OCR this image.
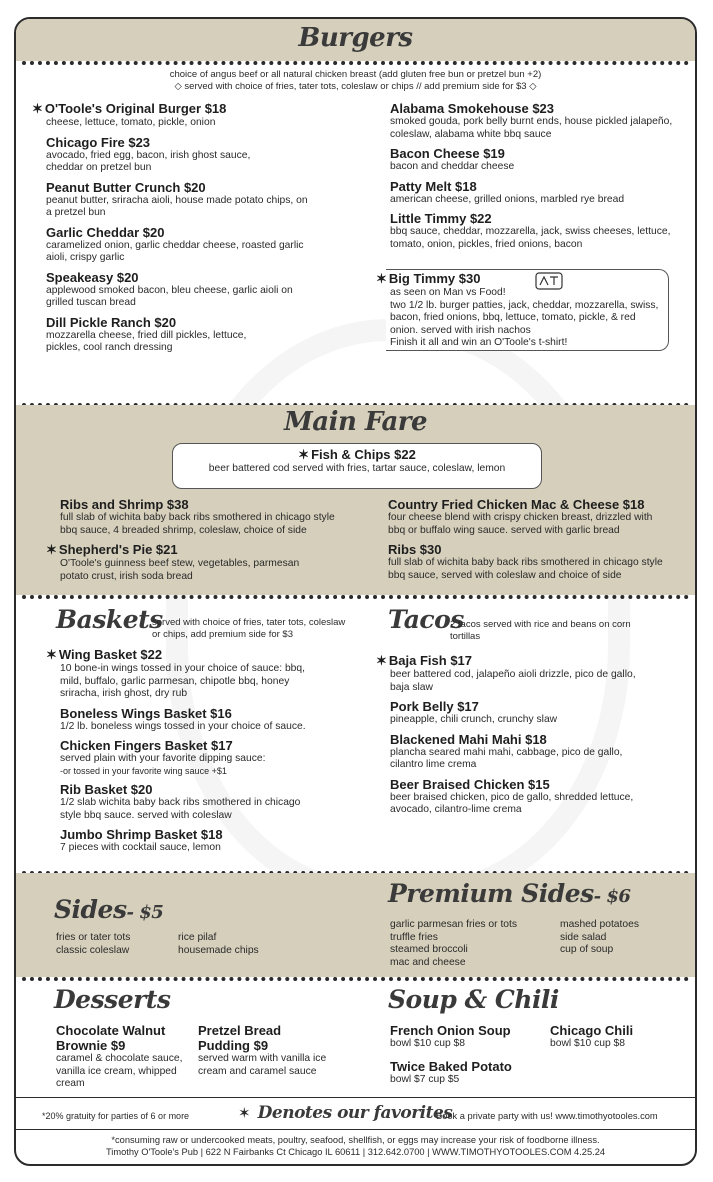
Burgers
choice of angus beef or all natural chicken breast (add gluten free bun or pretzel bun +2)
◇ served with choice of fries, tater tots, coleslaw or chips // add premium side for $3 ◇
✶ O'Toole's Original Burger $18
cheese, lettuce, tomato, pickle, onion
Chicago Fire $23
avocado, fried egg, bacon, irish ghost sauce, cheddar on pretzel bun
Peanut Butter Crunch $20
peanut butter, sriracha aioli, house made potato chips, on a pretzel bun
Garlic Cheddar $20
caramelized onion, garlic cheddar cheese, roasted garlic aioli, crispy garlic
Speakeasy $20
applewood smoked bacon, bleu cheese, garlic aioli on grilled tuscan bread
Dill Pickle Ranch $20
mozzarella cheese, fried dill pickles, lettuce, pickles, cool ranch dressing
Alabama Smokehouse $23
smoked gouda, pork belly burnt ends, house pickled jalapeño, coleslaw, alabama white bbq sauce
Bacon Cheese $19
bacon and cheddar cheese
Patty Melt $18
american cheese, grilled onions, marbled rye bread
Little Timmy $22
bbq sauce, cheddar, mozzarella, jack, swiss cheeses, lettuce, tomato, onion, pickles, fried onions, bacon
✶ Big Timmy $30
as seen on Man vs Food!
two 1/2 lb. burger patties, jack, cheddar, mozzarella, swiss, bacon, fried onions, bbq, lettuce, tomato, pickle, & red onion. served with irish nachos
Finish it all and win an O'Toole's t-shirt!
Main Fare
✶ Fish & Chips $22
beer battered cod served with fries, tartar sauce, coleslaw, lemon
Ribs and Shrimp $38
full slab of wichita baby back ribs smothered in chicago style bbq sauce, 4 breaded shrimp, coleslaw, choice of side
✶ Shepherd's Pie $21
O'Toole's guinness beef stew, vegetables, parmesan potato crust, irish soda bread
Country Fried Chicken Mac & Cheese $18
four cheese blend with crispy chicken breast, drizzled with bbq or buffalo wing sauce. served with garlic bread
Ribs $30
full slab of wichita baby back ribs smothered in chicago style bbq sauce, served with coleslaw and choice of side
Baskets
served with choice of fries, tater tots, coleslaw or chips, add premium side for $3
✶ Wing Basket $22
10 bone-in wings tossed in your choice of sauce: bbq, mild, buffalo, garlic parmesan, chipotle bbq, honey sriracha, irish ghost, dry rub
Boneless Wings Basket $16
1/2 lb. boneless wings tossed in your choice of sauce.
Chicken Fingers Basket $17
served plain with your favorite dipping sauce:
-or tossed in your favorite wing sauce +$1
Rib Basket $20
1/2 slab wichita baby back ribs smothered in chicago style bbq sauce. served with coleslaw
Jumbo Shrimp Basket $18
7 pieces with cocktail sauce, lemon
Tacos
2 tacos served with rice and beans on corn tortillas
✶ Baja Fish $17
beer battered cod, jalapeño aioli drizzle, pico de gallo, baja slaw
Pork Belly $17
pineapple, chili crunch, crunchy slaw
Blackened Mahi Mahi $18
plancha seared mahi mahi, cabbage, pico de gallo, cilantro lime crema
Beer Braised Chicken $15
beer braised chicken, pico de gallo, shredded lettuce, avocado, cilantro-lime crema
Sides- $5
fries or tater tots
classic coleslaw
rice pilaf
housemade chips
Premium Sides- $6
garlic parmesan fries or tots
truffle fries
steamed broccoli
mac and cheese
mashed potatoes
side salad
cup of soup
Desserts
Chocolate Walnut
Brownie $9
caramel & chocolate sauce, vanilla ice cream, whipped cream
Pretzel Bread
Pudding $9
served warm with vanilla ice cream and caramel sauce
Soup & Chili
French Onion Soup
bowl $10 cup $8
Chicago Chili
bowl $10 cup $8
Twice Baked Potato
bowl $7 cup $5
*20% gratuity for parties of 6 or more	✶ Denotes our favorites
Book a private party with us! www.timothyotooles.com
*consuming raw or undercooked meats, poultry, seafood, shellfish, or eggs may increase your risk of foodborne illness.
Timothy O'Toole's Pub | 622 N Fairbanks Ct Chicago IL 60611 | 312.642.0700 | WWW.TIMOTHYOTOOLES.COM 4.25.24
